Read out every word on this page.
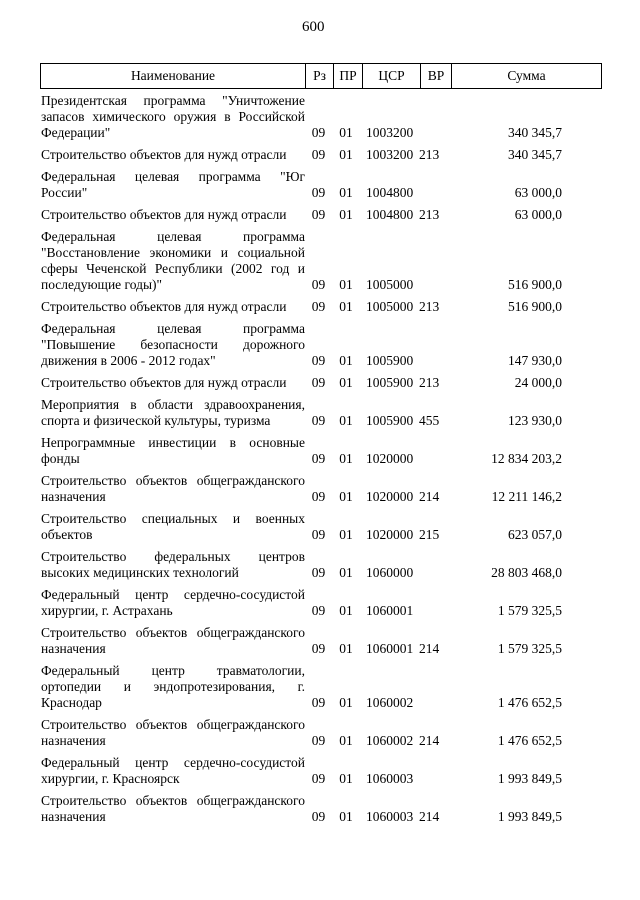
600
Наименование	Рз ПР	ЦСР	ВР	Сумма
Президентская программа "Уничтожение запасов химического оружия в Российской Федерации"	09	01 1003200	340 345,7
Строительство объектов для нужд отрасли	09	01 1003200 213	340 345,7
Федеральная целевая программа "Юг России"	09	01 1004800	63 000,0
Строительство объектов для нужд отрасли	09	01 1004800 213	63 000,0
Федеральная целевая программа "Восстановление экономики и социальной сферы Чеченской Республики (2002 год и последующие годы)"	09	01 1005000	516 900,0
Строительство объектов для нужд отрасли	09	01 1005000 213	516 900,0
Федеральная целевая программа "Повышение безопасности дорожного движения в 2006 - 2012 годах"	09	01 1005900	147 930,0
Строительство объектов для нужд отрасли	09	01 1005900 213	24 000,0
Мероприятия в области здравоохранения, спорта и физической культуры, туризма	09	01 1005900 455	123 930,0
Непрограммные инвестиции в основные фонды	09	01 1020000	12 834 203,2
Строительство объектов общегражданского назначения	09	01 1020000 214	12 211 146,2
Строительство специальных и военных объектов	09	01 1020000 215	623 057,0
Строительство федеральных центров высоких медицинских технологий	09	01 1060000	28 803 468,0
Федеральный центр сердечно-сосудистой хирургии, г. Астрахань	09	01 1060001	1 579 325,5
Строительство объектов общегражданского назначения	09	01 1060001 214	1 579 325,5
Федеральный центр травматологии, ортопедии и эндопротезирования, г. Краснодар	09	01 1060002	1 476 652,5
Строительство объектов общегражданского назначения	09	01 1060002 214	1 476 652,5
Федеральный центр сердечно-сосудистой хирургии, г. Красноярск	09	01 1060003	1 993 849,5
Строительство объектов общегражданского назначения	09	01 1060003 214	1 993 849,5
